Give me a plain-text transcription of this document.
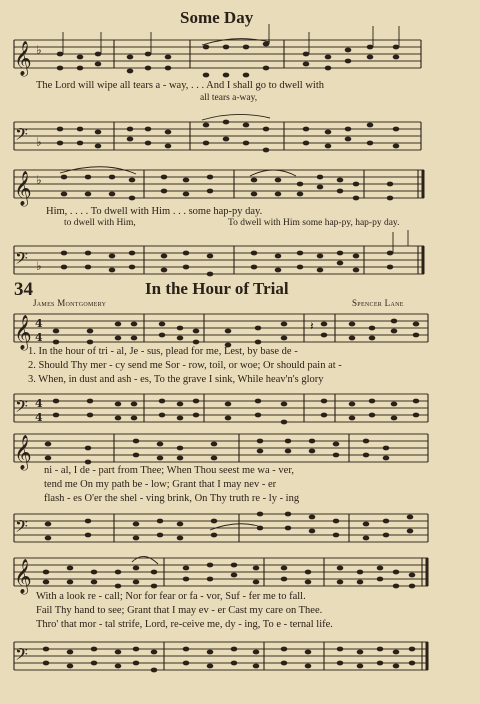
Some Day
𝄞 ♭
The Lord will wipe all tears a - way, . . . And I shall go to dwell with
all tears a-way,
𝄢 ♭
𝄞 ♭
Him, . . . . To dwell with Him . . . some hap-py day.
to dwell with Him,	To dwell with Him some hap-py, hap-py day.
𝄢 ♭
34	In the Hour of Trial
James Montgomery	Spencer Lane
𝄞 4
4
𝄽
1. In the hour of tri - al, Je - sus, plead for me, Lest, by base de -
2. Should Thy mer - cy send me Sor - row, toil, or woe; Or should pain at -
3. When, in dust and ash - es, To the grave I sink, While heav'n's glory
𝄢 4
4
𝄞
ni - al, I de - part from Thee; When Thou seest me wa - ver,
tend me On my path be - low; Grant that I may nev - er
flash - es O'er the shel - ving brink, On Thy truth re - ly - ing
𝄢
𝄞
With a look re - call; Nor for fear or fa - vor, Suf - fer me to fall.
Fail Thy hand to see; Grant that I may ev - er Cast my care on Thee.
Thro' that mor - tal strife, Lord, re-ceive me, dy - ing, To e - ternal life.
𝄢
